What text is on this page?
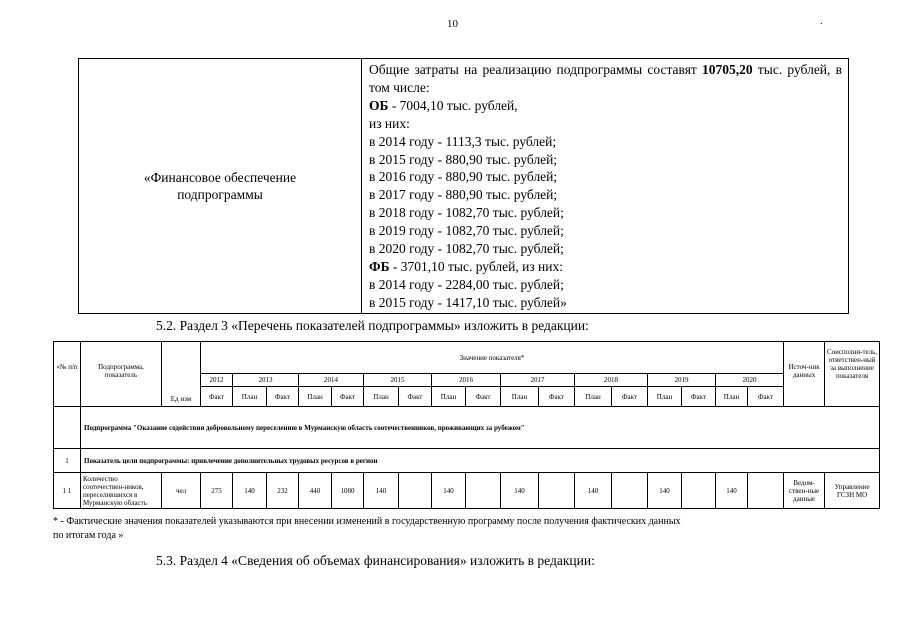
10	.
«Финансовое обеспечение
подпрограммы

Общие затраты на реализацию подпрограммы составят 10705,20 тыс. рублей, в том числе:
ОБ - 7004,10 тыс. рублей,
из них:
в 2014 году - 1113,3 тыс. рублей;
в 2015 году - 880,90 тыс. рублей;
в 2016 году - 880,90 тыс. рублей;
в 2017 году - 880,90 тыс. рублей;
в 2018 году - 1082,70 тыс. рублей;
в 2019 году - 1082,70 тыс. рублей;
в 2020 году - 1082,70 тыс. рублей;
ФБ - 3701,10 тыс. рублей, из них:
в 2014 году - 2284,00 тыс. рублей;
в 2015 году - 1417,10 тыс. рублей»
5.2. Раздел 3 «Перечень показателей подпрограммы» изложить в редакции:
«№ п/п	Подпрограмма, показатель	Ед изм	Значение показателя*																	Источ-ник данных	Соисполни-тель, ответствен-ный за выполнение показателя
			2012	2013		2014		2015		2016		2017		2018		2019		2020			
			Факт	План	Факт	План	Факт	План	Факт	План	Факт	План	Факт	План	Факт	План	Факт	План	Факт		
	Подпрограмма "Оказание содействия добровольному переселению в Мурманскую область соотечественников, проживающих за рубежом"																				
1	Показатель цели подпрограммы: привлечение дополнительных трудовых ресурсов в регион																				
1 1	Количество соотечествен-ников, переселившихся в Мурманскую область	чел	275	140	232	440	1080	140		140		140		140		140		140		Ведом-ствен-ные данные	Управление ГСЗН МО
* - Фактические значения показателей указываются при внесении изменений в государственную программу после получения фактических данных
по итогам года »
5.3. Раздел 4 «Сведения об объемах финансирования» изложить в редакции:
